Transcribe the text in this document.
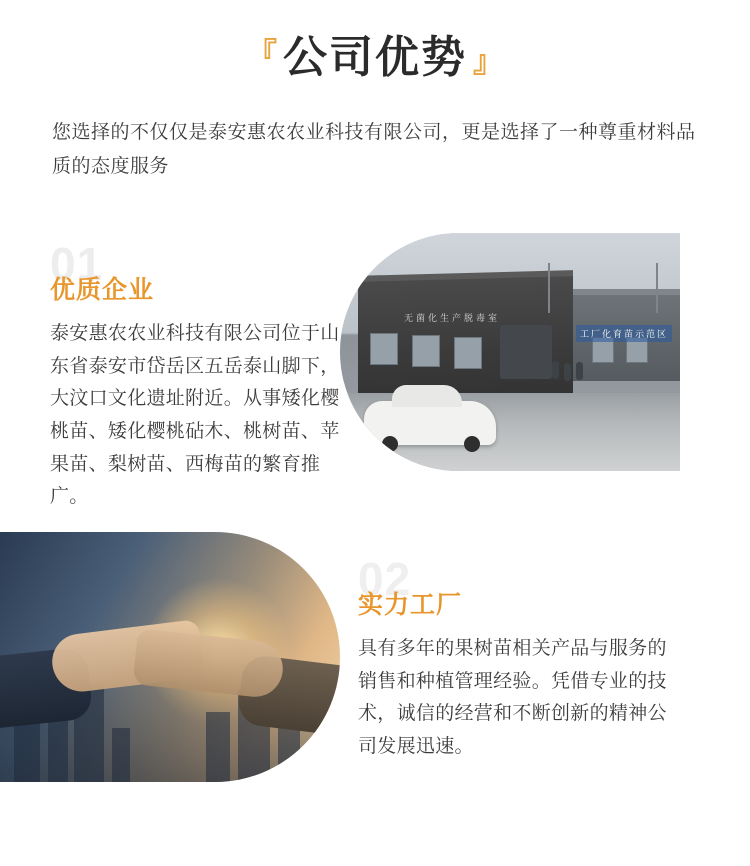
『 公司优势 』
您选择的不仅仅是泰安惠农农业科技有限公司，更是选择了一种尊重材料品质的态度服务
01
优质企业
泰安惠农农业科技有限公司位于山东省泰安市岱岳区五岳泰山脚下，大汶口文化遗址附近。从事矮化樱桃苗、矮化樱桃砧木、桃树苗、苹果苗、梨树苗、西梅苗的繁育推广。
无菌化生产脱毒室
工厂化育苗示范区
02
实力工厂
具有多年的果树苗相关产品与服务的销售和种植管理经验。凭借专业的技术，诚信的经营和不断创新的精神公司发展迅速。
